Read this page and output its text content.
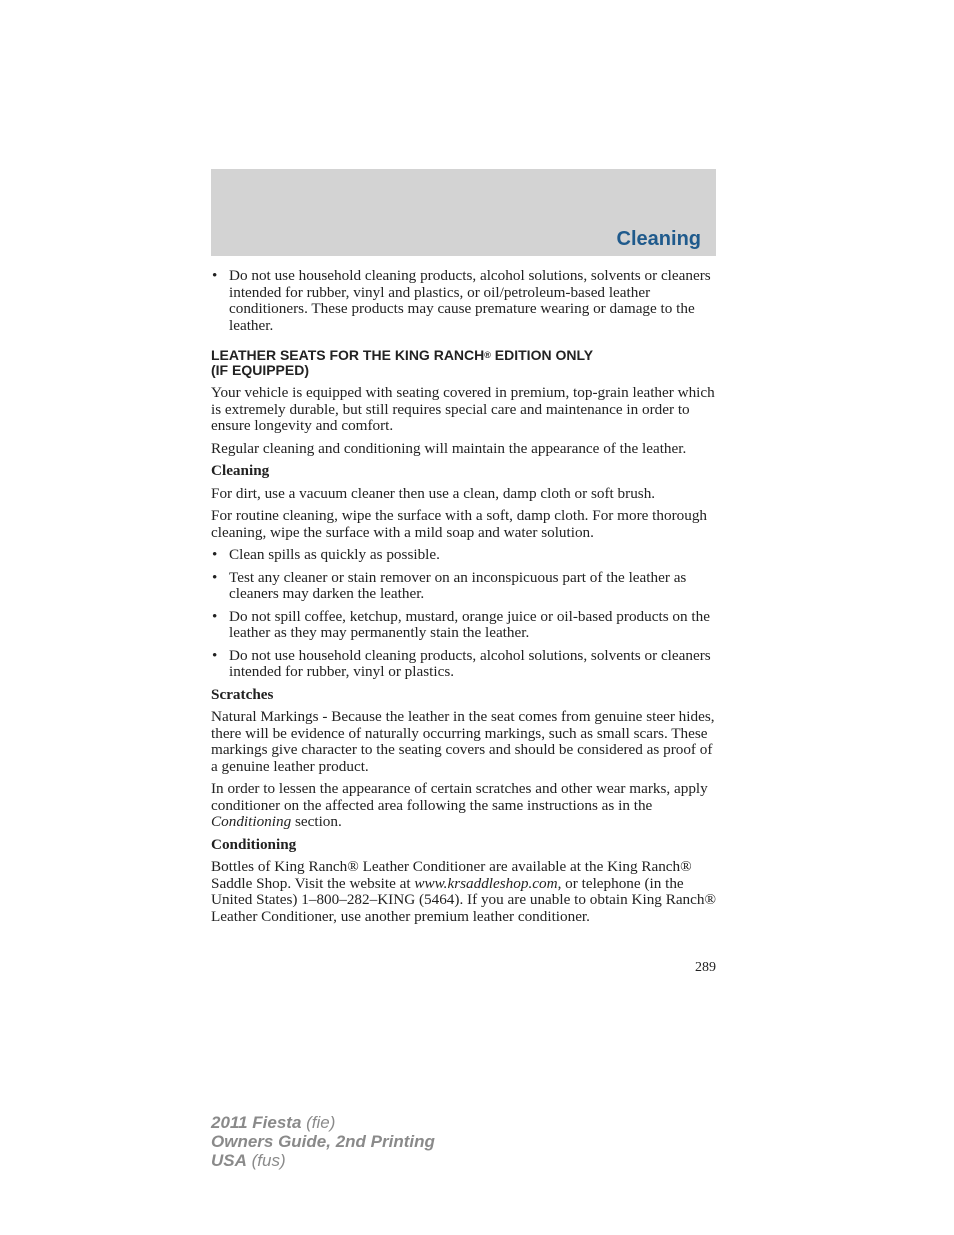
Cleaning
• Do not use household cleaning products, alcohol solutions, solvents or cleaners intended for rubber, vinyl and plastics, or oil/petroleum-based leather conditioners. These products may cause premature wearing or damage to the leather.
LEATHER SEATS FOR THE KING RANCH® EDITION ONLY
(IF EQUIPPED)

Your vehicle is equipped with seating covered in premium, top-grain leather which is extremely durable, but still requires special care and maintenance in order to ensure longevity and comfort.

Regular cleaning and conditioning will maintain the appearance of the leather.

Cleaning

For dirt, use a vacuum cleaner then use a clean, damp cloth or soft brush.

For routine cleaning, wipe the surface with a soft, damp cloth. For more thorough cleaning, wipe the surface with a mild soap and water solution.

• Clean spills as quickly as possible.
• Test any cleaner or stain remover on an inconspicuous part of the leather as cleaners may darken the leather.
• Do not spill coffee, ketchup, mustard, orange juice or oil-based products on the leather as they may permanently stain the leather.
• Do not use household cleaning products, alcohol solutions, solvents or cleaners intended for rubber, vinyl or plastics.

Scratches

Natural Markings - Because the leather in the seat comes from genuine steer hides, there will be evidence of naturally occurring markings, such as small scars. These markings give character to the seating covers and should be considered as proof of a genuine leather product.

In order to lessen the appearance of certain scratches and other wear marks, apply conditioner on the affected area following the same instructions as in the Conditioning section.

Conditioning

Bottles of King Ranch® Leather Conditioner are available at the King Ranch® Saddle Shop. Visit the website at www.krsaddleshop.com, or telephone (in the United States) 1–800–282–KING (5464). If you are unable to obtain King Ranch® Leather Conditioner, use another premium leather conditioner.

289
2011 Fiesta (fie)
Owners Guide, 2nd Printing
USA (fus)
